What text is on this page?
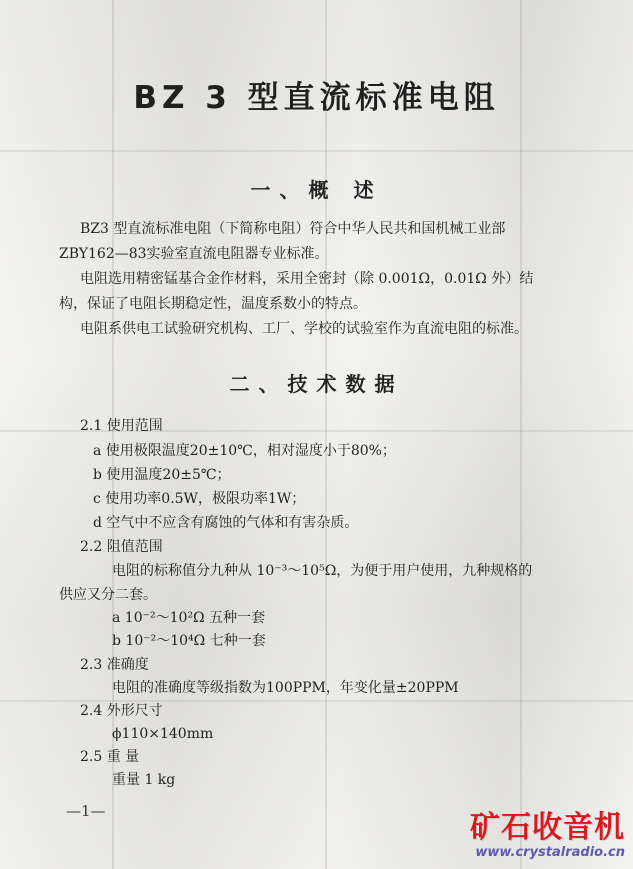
BZ 3 型直流标准电阻
一、概 述
BZ3 型直流标准电阻（下简称电阻）符合中华人民共和国机械工业部
ZBY162—83实验室直流电阻器专业标准。
电阻选用精密锰基合金作材料，采用全密封（除 0.001Ω，0.01Ω 外）结
构，保证了电阻长期稳定性，温度系数小的特点。
电阻系供电工试验研究机构、工厂、学校的试验室作为直流电阻的标准。
二、技术数据
2.1 使用范围
a 使用极限温度20±10℃，相对湿度小于80%；
b 使用温度20±5℃；
c 使用功率0.5W，极限功率1W；
d 空气中不应含有腐蚀的气体和有害杂质。
2.2 阻值范围
电阻的标称值分九种从 10⁻³～10⁵Ω，为便于用户使用，九种规格的
供应又分二套。
a 10⁻²～10²Ω 五种一套
b 10⁻²～10⁴Ω 七种一套
2.3 准确度
电阻的准确度等级指数为100PPM，年变化量±20PPM
2.4 外形尺寸
ϕ110×140mm
2.5 重 量
重量 1 kg
—1—	矿石收音机
www.crystalradio.cn
